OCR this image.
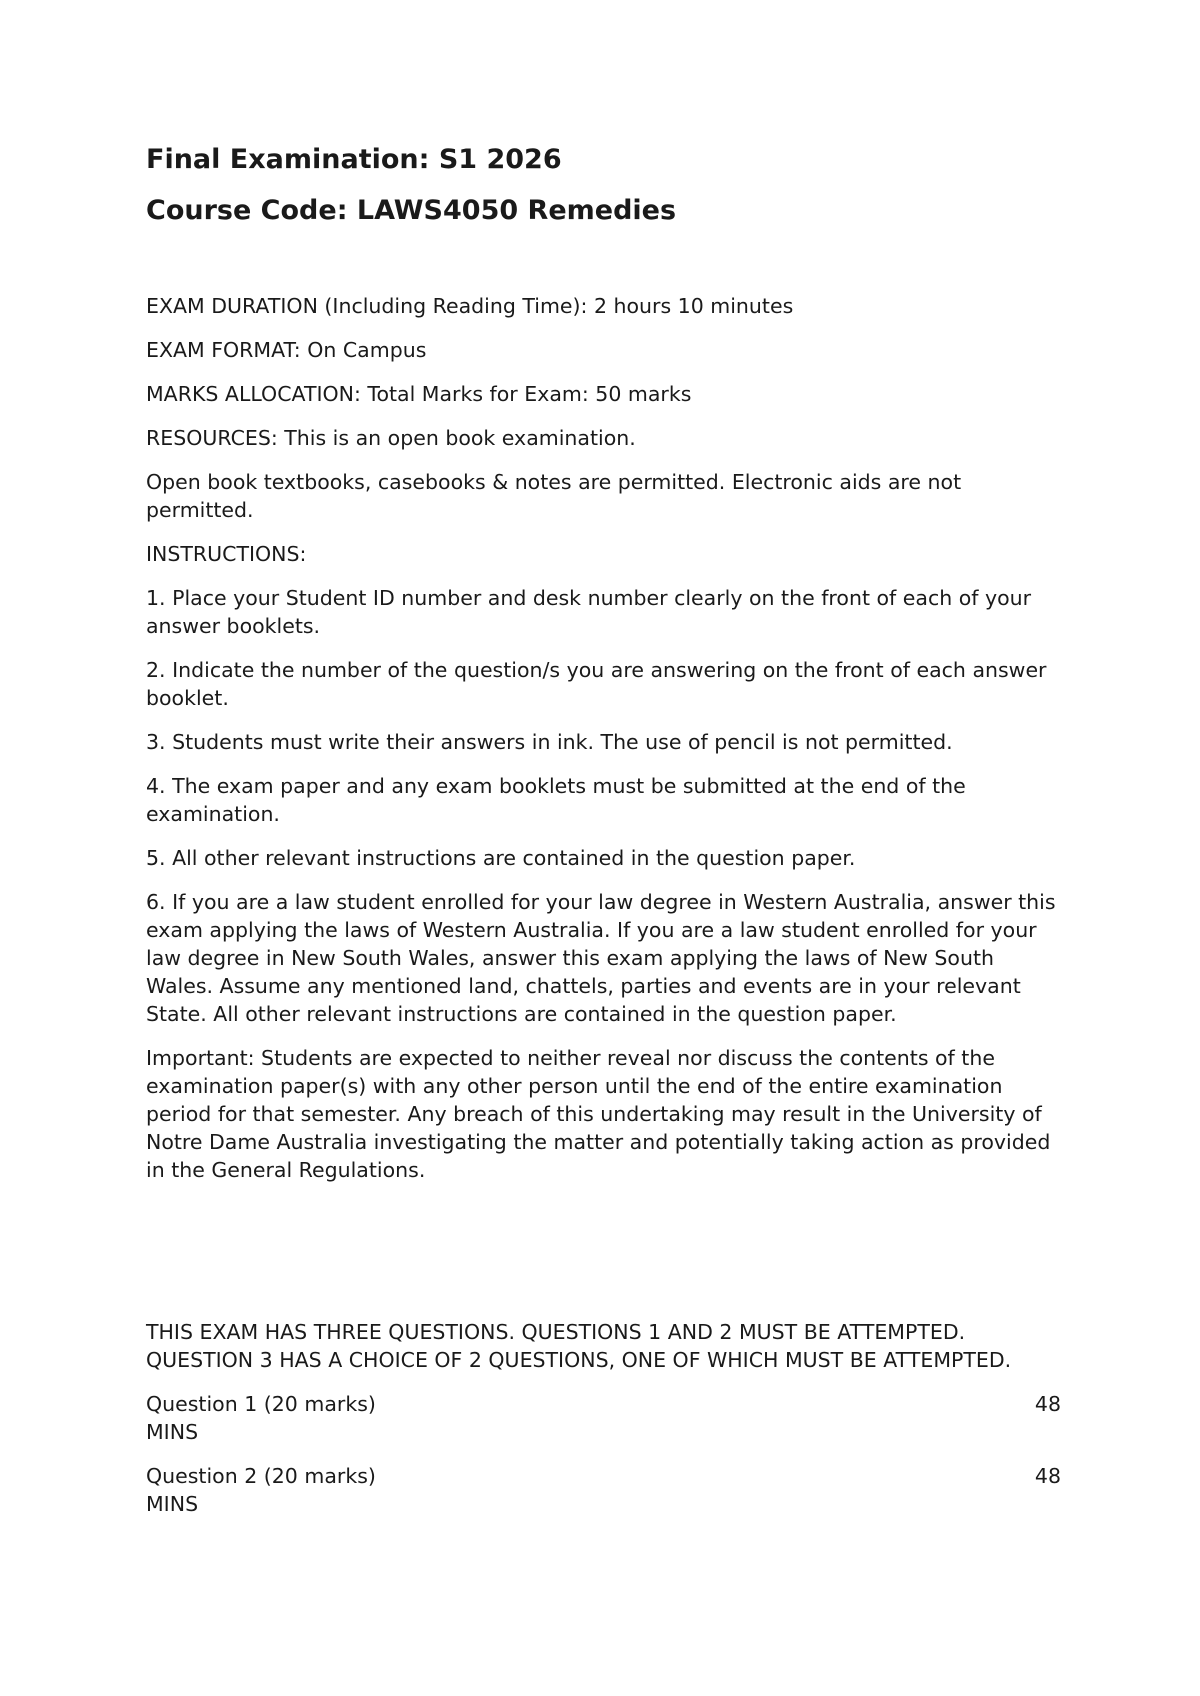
Final Examination: S1 2026
Course Code: LAWS4050 Remedies

EXAM DURATION (Including Reading Time): 2 hours 10 minutes

EXAM FORMAT: On Campus

MARKS ALLOCATION: Total Marks for Exam: 50 marks

RESOURCES: This is an open book examination.

Open book textbooks, casebooks & notes are permitted. Electronic aids are not permitted.

INSTRUCTIONS:

1. Place your Student ID number and desk number clearly on the front of each of your answer booklets.

2. Indicate the number of the question/s you are answering on the front of each answer booklet.

3. Students must write their answers in ink. The use of pencil is not permitted.

4. The exam paper and any exam booklets must be submitted at the end of the examination.

5. All other relevant instructions are contained in the question paper.

6. If you are a law student enrolled for your law degree in Western Australia, answer this exam applying the laws of Western Australia. If you are a law student enrolled for your law degree in New South Wales, answer this exam applying the laws of New South Wales. Assume any mentioned land, chattels, parties and events are in your relevant State. All other relevant instructions are contained in the question paper.

Important: Students are expected to neither reveal nor discuss the contents of the examination paper(s) with any other person until the end of the entire examination period for that semester. Any breach of this undertaking may result in the University of Notre Dame Australia investigating the matter and potentially taking action as provided in the General Regulations.

THIS EXAM HAS THREE QUESTIONS. QUESTIONS 1 AND 2 MUST BE ATTEMPTED. QUESTION 3 HAS A CHOICE OF 2 QUESTIONS, ONE OF WHICH MUST BE ATTEMPTED.

Question 1 (20 marks)	48
MINS
Question 2 (20 marks)	48
MINS
